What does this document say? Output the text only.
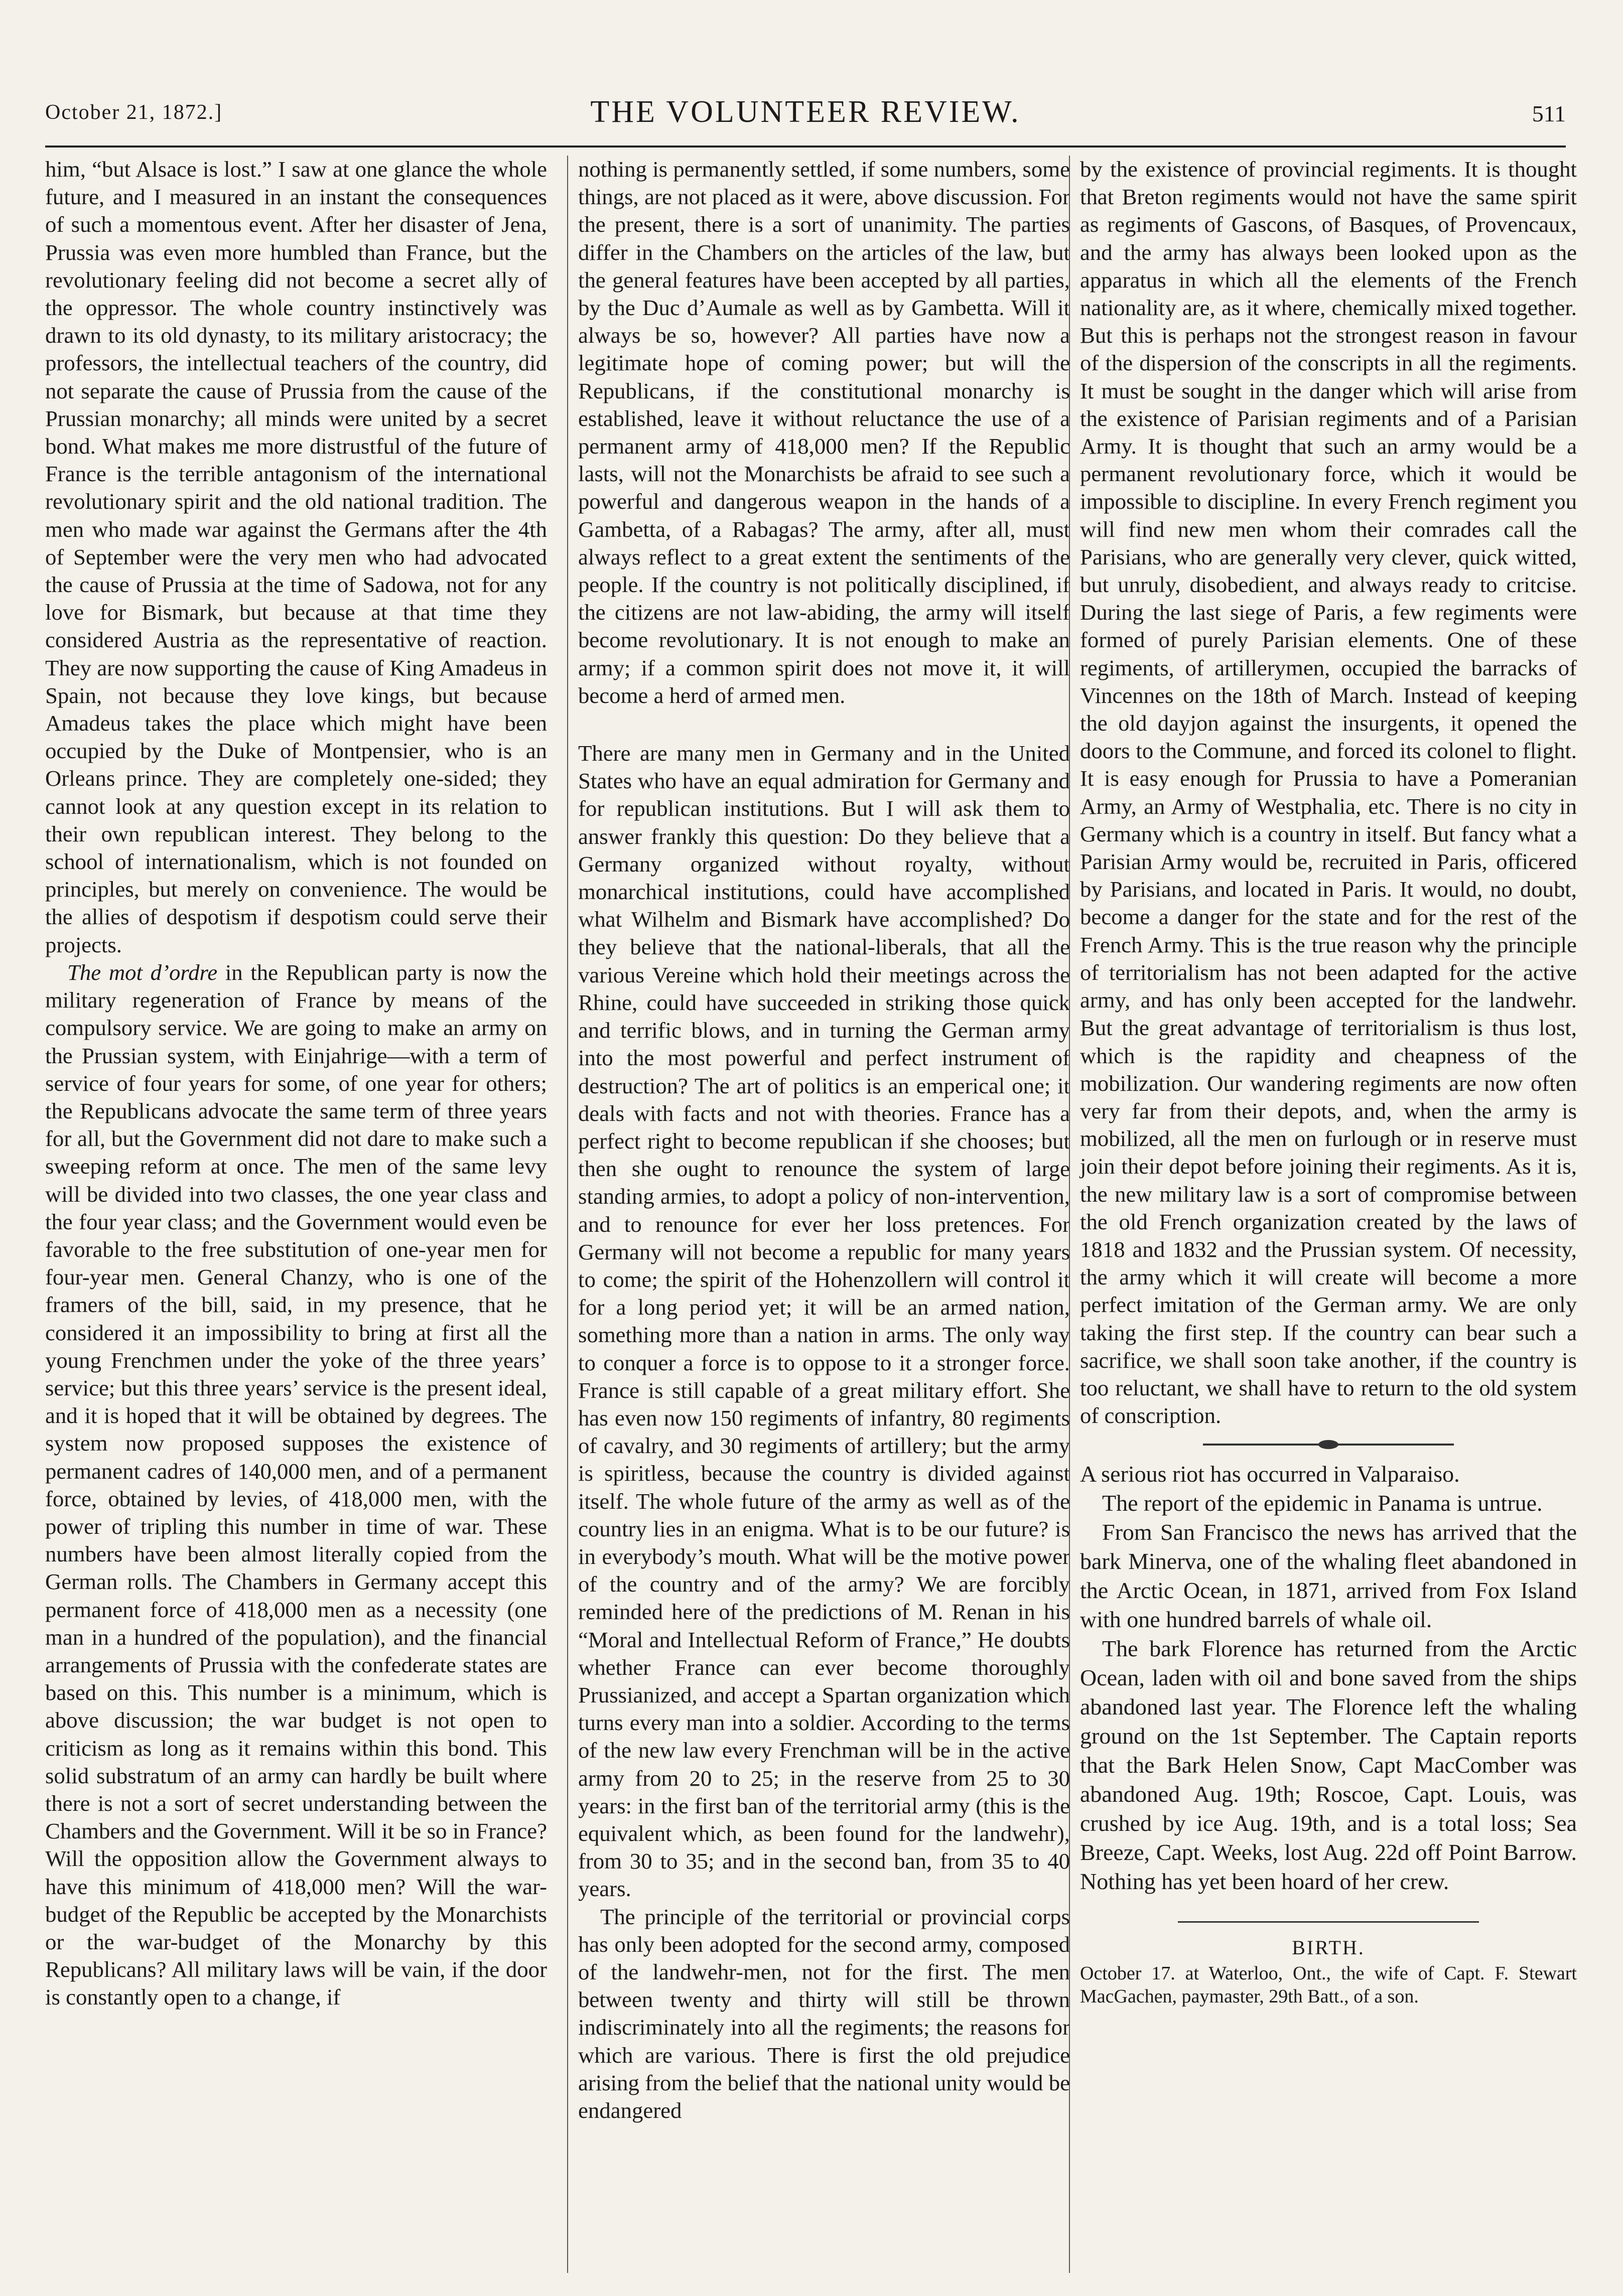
October 21, 1872.]	THE VOLUNTEER REVIEW.	511

him, “but Alsace is lost.” I saw at one glance the whole future, and I measured in an instant the consequences of such a momentous event. After her disaster of Jena, Prussia was even more humbled than France, but the revolutionary feeling did not become a secret ally of the oppressor. The whole country instinctively was drawn to its old dynasty, to its military aristocracy; the professors, the intellectual teachers of the country, did not separate the cause of Prussia from the cause of the Prussian monarchy; all minds were united by a secret bond. What makes me more distrustful of the future of France is the terrible antagonism of the international revolutionary spirit and the old national tradition. The men who made war against the Germans after the 4th of September were the very men who had advocated the cause of Prussia at the time of Sadowa, not for any love for Bismark, but because at that time they considered Austria as the representative of reaction. They are now supporting the cause of King Amadeus in Spain, not because they love kings, but because Amadeus takes the place which might have been occupied by the Duke of Montpensier, who is an Orleans prince. They are completely one-sided; they cannot look at any question except in its relation to their own republican interest. They belong to the school of internationalism, which is not founded on principles, but merely on convenience. The would be the allies of despotism if despotism could serve their projects.

The mot d’ordre in the Republican party is now the military regeneration of France by means of the compulsory service. We are going to make an army on the Prussian system, with Einjahrige—with a term of service of four years for some, of one year for others; the Republicans advocate the same term of three years for all, but the Government did not dare to make such a sweeping reform at once. The men of the same levy will be divided into two classes, the one year class and the four year class; and the Government would even be favorable to the free substitution of one-year men for four-year men. General Chanzy, who is one of the framers of the bill, said, in my presence, that he considered it an impossibility to bring at first all the young Frenchmen under the yoke of the three years’ service; but this three years’ service is the present ideal, and it is hoped that it will be obtained by degrees. The system now proposed supposes the existence of permanent cadres of 140,000 men, and of a permanent force, obtained by levies, of 418,000 men, with the power of tripling this number in time of war. These numbers have been almost literally copied from the German rolls. The Chambers in Germany accept this permanent force of 418,000 men as a necessity (one man in a hundred of the population), and the financial arrangements of Prussia with the confederate states are based on this. This number is a minimum, which is above discussion; the war budget is not open to criticism as long as it remains within this bond. This solid substratum of an army can hardly be built where there is not a sort of secret understanding between the Chambers and the Government. Will it be so in France? Will the opposition allow the Government always to have this minimum of 418,000 men? Will the war-budget of the Republic be accepted by the Monarchists or the war-budget of the Monarchy by this Republicans? All military laws will be vain, if the door is constantly open to a change, if

nothing is permanently settled, if some numbers, some things, are not placed as it were, above discussion. For the present, there is a sort of unanimity. The parties differ in the Chambers on the articles of the law, but the general features have been accepted by all parties, by the Duc d’Aumale as well as by Gambetta. Will it always be so, however? All parties have now a legitimate hope of coming power; but will the Republicans, if the constitutional monarchy is established, leave it without reluctance the use of a permanent army of 418,000 men? If the Republic lasts, will not the Monarchists be afraid to see such a powerful and dangerous weapon in the hands of a Gambetta, of a Rabagas? The army, after all, must always reflect to a great extent the sentiments of the people. If the country is not politically disciplined, if the citizens are not law-abiding, the army will itself become revolutionary. It is not enough to make an army; if a common spirit does not move it, it will become a herd of armed men.

There are many men in Germany and in the United States who have an equal admiration for Germany and for republican institutions. But I will ask them to answer frankly this question: Do they believe that a Germany organized without royalty, without monarchical institutions, could have accomplished what Wilhelm and Bismark have accomplished? Do they believe that the national-liberals, that all the various Vereine which hold their meetings across the Rhine, could have succeeded in striking those quick and terrific blows, and in turning the German army into the most powerful and perfect instrument of destruction? The art of politics is an emperical one; it deals with facts and not with theories. France has a perfect right to become republican if she chooses; but then she ought to renounce the system of large standing armies, to adopt a policy of non-intervention, and to renounce for ever her loss pretences. For Germany will not become a republic for many years to come; the spirit of the Hohenzollern will control it for a long period yet; it will be an armed nation, something more than a nation in arms. The only way to conquer a force is to oppose to it a stronger force. France is still capable of a great military effort. She has even now 150 regiments of infantry, 80 regiments of cavalry, and 30 regiments of artillery; but the army is spiritless, because the country is divided against itself. The whole future of the army as well as of the country lies in an enigma. What is to be our future? is in everybody’s mouth. What will be the motive power of the country and of the army? We are forcibly reminded here of the predictions of M. Renan in his “Moral and Intellectual Reform of France,” He doubts whether France can ever become thoroughly Prussianized, and accept a Spartan organization which turns every man into a soldier. According to the terms of the new law every Frenchman will be in the active army from 20 to 25; in the reserve from 25 to 30 years: in the first ban of the territorial army (this is the equivalent which, as been found for the landwehr), from 30 to 35; and in the second ban, from 35 to 40 years.

The principle of the territorial or provincial corps has only been adopted for the second army, composed of the landwehr-men, not for the first. The men between twenty and thirty will still be thrown indiscriminately into all the regiments; the reasons for which are various. There is first the old prejudice arising from the belief that the national unity would be endangered

by the existence of provincial regiments. It is thought that Breton regiments would not have the same spirit as regiments of Gascons, of Basques, of Provencaux, and the army has always been looked upon as the apparatus in which all the elements of the French nationality are, as it where, chemically mixed together. But this is perhaps not the strongest reason in favour of the dispersion of the conscripts in all the regiments. It must be sought in the danger which will arise from the existence of Parisian regiments and of a Parisian Army. It is thought that such an army would be a permanent revolutionary force, which it would be impossible to discipline. In every French regiment you will find new men whom their comrades call the Parisians, who are generally very clever, quick witted, but unruly, disobedient, and always ready to critcise. During the last siege of Paris, a few regiments were formed of purely Parisian elements. One of these regiments, of artillerymen, occupied the barracks of Vincennes on the 18th of March. Instead of keeping the old dayjon against the insurgents, it opened the doors to the Commune, and forced its colonel to flight. It is easy enough for Prussia to have a Pomeranian Army, an Army of Westphalia, etc. There is no city in Germany which is a country in itself. But fancy what a Parisian Army would be, recruited in Paris, officered by Parisians, and located in Paris. It would, no doubt, become a danger for the state and for the rest of the French Army. This is the true reason why the principle of territorialism has not been adapted for the active army, and has only been accepted for the landwehr. But the great advantage of territorialism is thus lost, which is the rapidity and cheapness of the mobilization. Our wandering regiments are now often very far from their depots, and, when the army is mobilized, all the men on furlough or in reserve must join their depot before joining their regiments. As it is, the new military law is a sort of compromise between the old French organization created by the laws of 1818 and 1832 and the Prussian system. Of necessity, the army which it will create will become a more perfect imitation of the German army. We are only taking the first step. If the country can bear such a sacrifice, we shall soon take another, if the country is too reluctant, we shall have to return to the old system of conscription.

A serious riot has occurred in Valparaiso.

The report of the epidemic in Panama is untrue.

From San Francisco the news has arrived that the bark Minerva, one of the whaling fleet abandoned in the Arctic Ocean, in 1871, arrived from Fox Island with one hundred barrels of whale oil.

The bark Florence has returned from the Arctic Ocean, laden with oil and bone saved from the ships abandoned last year. The Florence left the whaling ground on the 1st September. The Captain reports that the Bark Helen Snow, Capt MacComber was abandoned Aug. 19th; Roscoe, Capt. Louis, was crushed by ice Aug. 19th, and is a total loss; Sea Breeze, Capt. Weeks, lost Aug. 22d off Point Barrow. Nothing has yet been hoard of her crew.

BIRTH.

October 17. at Waterloo, Ont., the wife of Capt. F. Stewart MacGachen, paymaster, 29th Batt., of a son.
